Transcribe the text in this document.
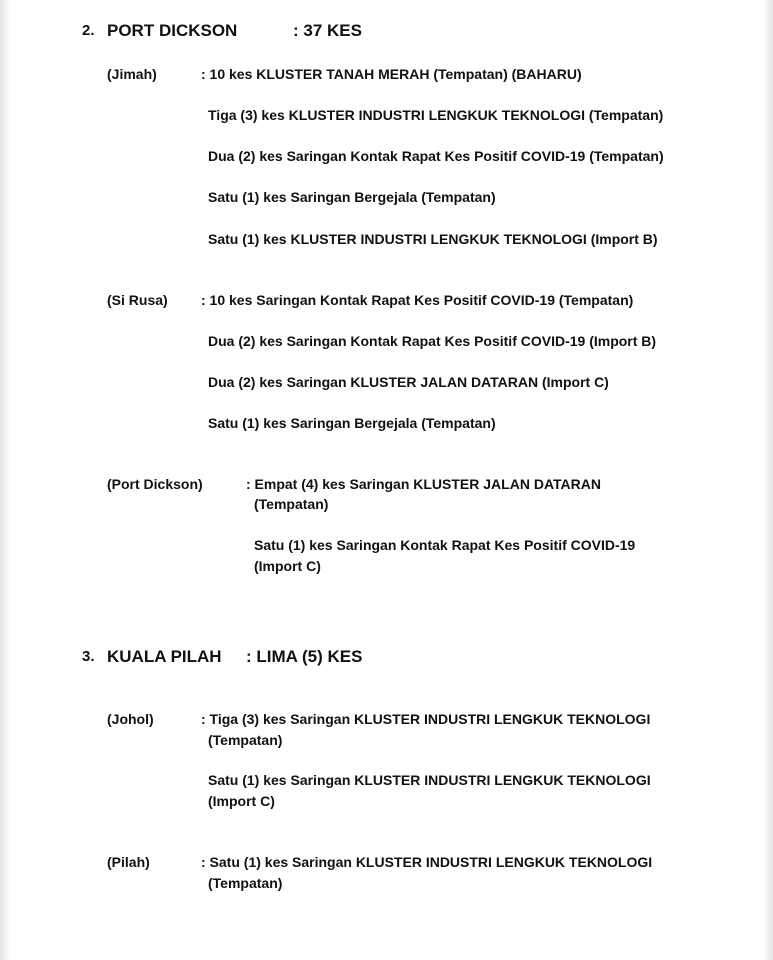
2. PORT DICKSON	: 37 KES
(Jimah)	: 10 kes KLUSTER TANAH MERAH (Tempatan) (BAHARU)
Tiga (3) kes KLUSTER INDUSTRI LENGKUK TEKNOLOGI (Tempatan)
Dua (2) kes Saringan Kontak Rapat Kes Positif COVID-19 (Tempatan)
Satu (1) kes Saringan Bergejala (Tempatan)
Satu (1) kes KLUSTER INDUSTRI LENGKUK TEKNOLOGI (Import B)
(Si Rusa) : 10 kes Saringan Kontak Rapat Kes Positif COVID-19 (Tempatan)
Dua (2) kes Saringan Kontak Rapat Kes Positif COVID-19 (Import B)
Dua (2) kes Saringan KLUSTER JALAN DATARAN (Import C)
Satu (1) kes Saringan Bergejala (Tempatan)
(Port Dickson)	: Empat (4) kes Saringan KLUSTER JALAN DATARAN
(Tempatan)
Satu (1) kes Saringan Kontak Rapat Kes Positif COVID-19
(Import C)
3. KUALA PILAH : LIMA (5) KES
(Johol)	: Tiga (3) kes Saringan KLUSTER INDUSTRI LENGKUK TEKNOLOGI
(Tempatan)
Satu (1) kes Saringan KLUSTER INDUSTRI LENGKUK TEKNOLOGI
(Import C)
(Pilah)	: Satu (1) kes Saringan KLUSTER INDUSTRI LENGKUK TEKNOLOGI
(Tempatan)
